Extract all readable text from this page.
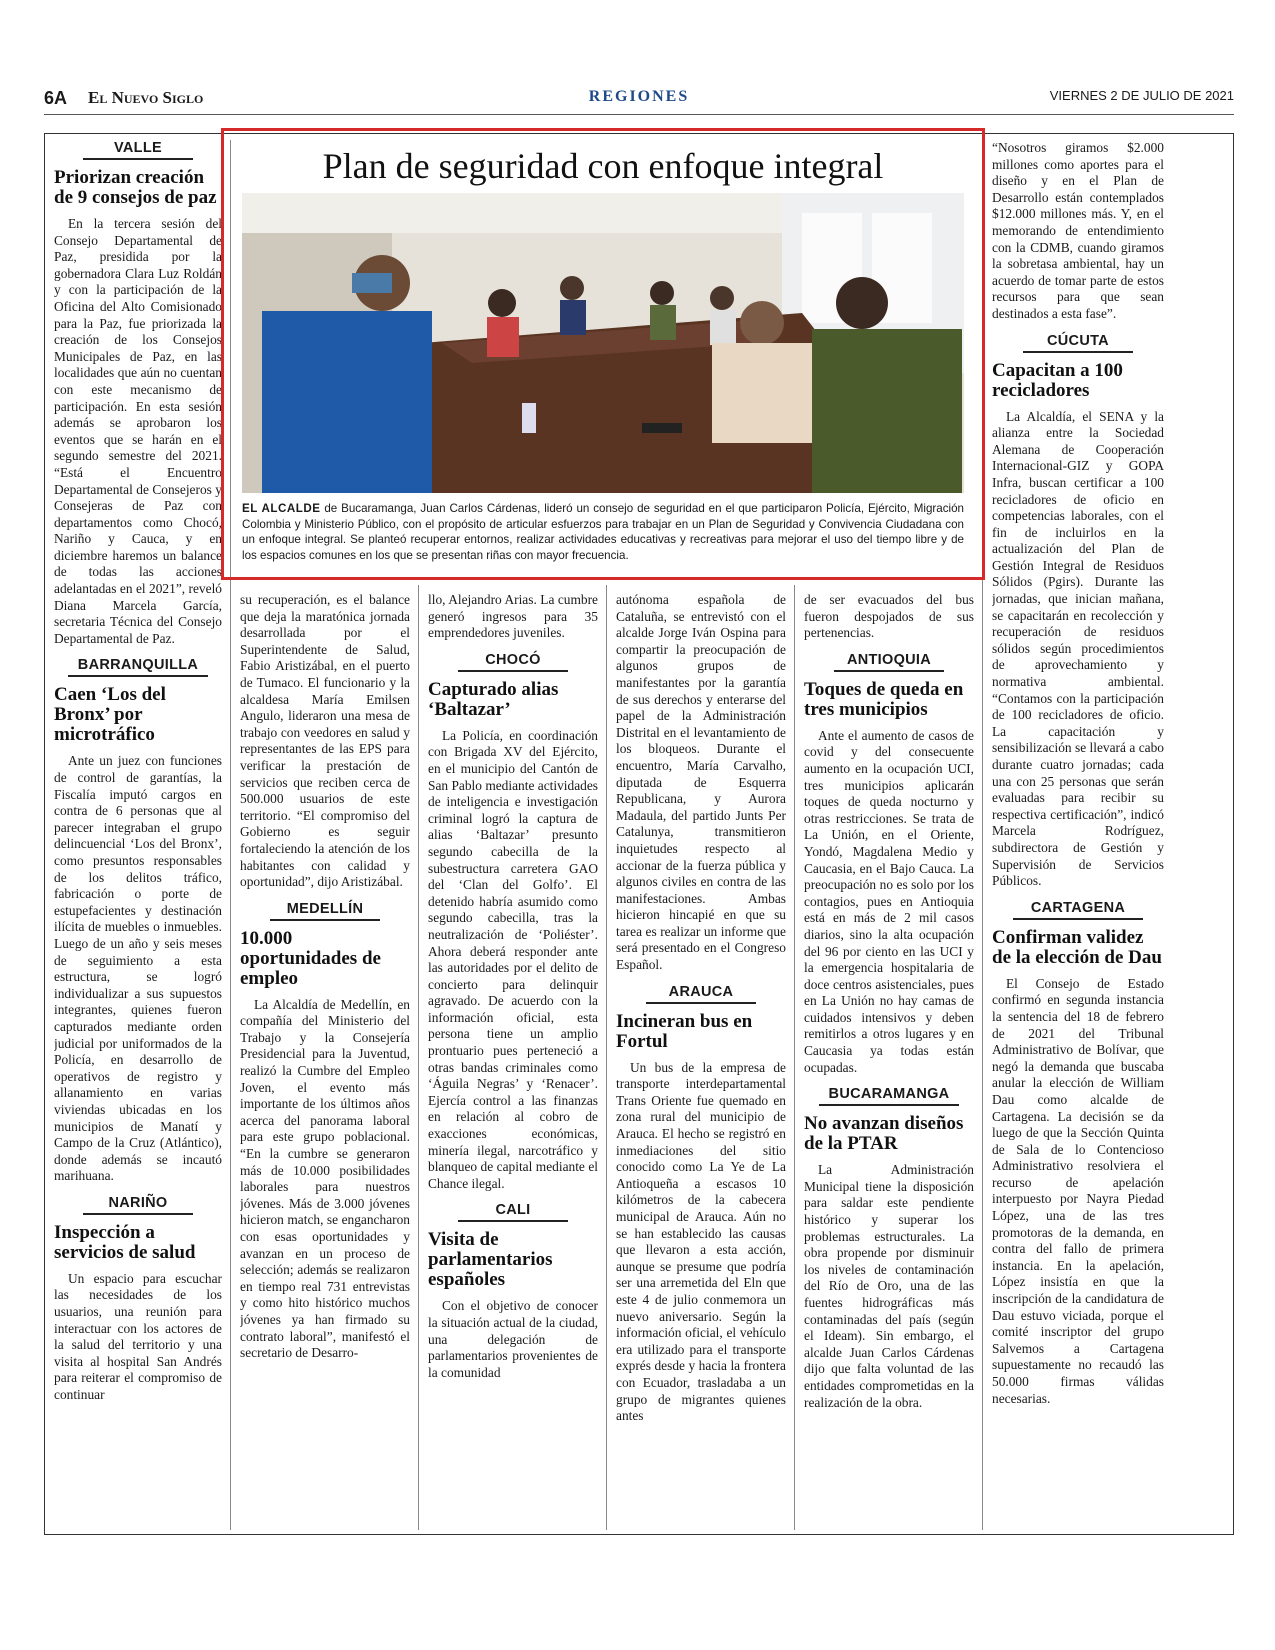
6A El Nuevo Siglo	REGIONES	VIERNES 2 DE JULIO DE 2021
VALLE
Priorizan creación de 9 consejos de paz

En la tercera sesión del Consejo Departamental de Paz, presidida por la gobernadora Clara Luz Roldán y con la participación de la Oficina del Alto Comisionado para la Paz, fue priorizada la creación de los Consejos Municipales de Paz, en las localidades que aún no cuentan con este mecanismo de participación. En esta sesión además se aprobaron los eventos que se harán en el segundo semestre del 2021. “Está el Encuentro Departamental de Consejeros y Consejeras de Paz con departamentos como Chocó, Nariño y Cauca, y en diciembre haremos un balance de todas las acciones adelantadas en el 2021”, reveló Diana Marcela García, secretaria Técnica del Consejo Departamental de Paz.

BARRANQUILLA
Caen ‘Los del Bronx’ por microtráfico

Ante un juez con funciones de control de garantías, la Fiscalía imputó cargos en contra de 6 personas que al parecer integraban el grupo delincuencial ‘Los del Bronx’, como presuntos responsables de los delitos tráfico, fabricación o porte de estupefacientes y destinación ilícita de muebles o inmuebles. Luego de un año y seis meses de seguimiento a esta estructura, se logró individualizar a sus supuestos integrantes, quienes fueron capturados mediante orden judicial por uniformados de la Policía, en desarrollo de operativos de registro y allanamiento en varias viviendas ubicadas en los municipios de Manatí y Campo de la Cruz (Atlántico), donde además se incautó marihuana.

NARIÑO
Inspección a servicios de salud

Un espacio para escuchar las necesidades de los usuarios, una reunión para interactuar con los actores de la salud del territorio y una visita al hospital San Andrés para reiterar el compromiso de continuar

Plan de seguridad con enfoque integral
EL ALCALDE de Bucaramanga, Juan Carlos Cárdenas, lideró un consejo de seguridad en el que participaron Policía, Ejército, Migración Colombia y Ministerio Público, con el propósito de articular esfuerzos para trabajar en un Plan de Seguridad y Convivencia Ciudadana con un enfoque integral. Se planteó recuperar entornos, realizar actividades educativas y recreativas para mejorar el uso del tiempo libre y de los espacios comunes en los que se presentan riñas con mayor frecuencia.

su recuperación, es el balance que deja la maratónica jornada desarrollada por el Superintendente de Salud, Fabio Aristizábal, en el puerto de Tumaco. El funcionario y la alcaldesa María Emilsen Angulo, lideraron una mesa de trabajo con veedores en salud y representantes de las EPS para verificar la prestación de servicios que reciben cerca de 500.000 usuarios de este territorio. “El compromiso del Gobierno es seguir fortaleciendo la atención de los habitantes con calidad y oportunidad”, dijo Aristizábal.

MEDELLÍN
10.000 oportunidades de empleo

La Alcaldía de Medellín, en compañía del Ministerio del Trabajo y la Consejería Presidencial para la Juventud, realizó la Cumbre del Empleo Joven, el evento más importante de los últimos años acerca del panorama laboral para este grupo poblacional. “En la cumbre se generaron más de 10.000 posibilidades laborales para nuestros jóvenes. Más de 3.000 jóvenes hicieron match, se engancharon con esas oportunidades y avanzan en un proceso de selección; además se realizaron en tiempo real 731 entrevistas y como hito histórico muchos jóvenes ya han firmado su contrato laboral”, manifestó el secretario de Desarro-

llo, Alejandro Arias. La cumbre generó ingresos para 35 emprendedores juveniles.

CHOCÓ
Capturado alias ‘Baltazar’

La Policía, en coordinación con Brigada XV del Ejército, en el municipio del Cantón de San Pablo mediante actividades de inteligencia e investigación criminal logró la captura de alias ‘Baltazar’ presunto segundo cabecilla de la subestructura carretera GAO del ‘Clan del Golfo’. El detenido habría asumido como segundo cabecilla, tras la neutralización de ‘Poliéster’. Ahora deberá responder ante las autoridades por el delito de concierto para delinquir agravado. De acuerdo con la información oficial, esta persona tiene un amplio prontuario pues perteneció a otras bandas criminales como ‘Águila Negras’ y ‘Renacer’. Ejercía control a las finanzas en relación al cobro de exacciones económicas, minería ilegal, narcotráfico y blanqueo de capital mediante el Chance ilegal.

CALI
Visita de parlamentarios españoles

Con el objetivo de conocer la situación actual de la ciudad, una delegación de parlamentarios provenientes de la comunidad

autónoma española de Cataluña, se entrevistó con el alcalde Jorge Iván Ospina para compartir la preocupación de algunos grupos de manifestantes por la garantía de sus derechos y enterarse del papel de la Administración Distrital en el levantamiento de los bloqueos. Durante el encuentro, María Carvalho, diputada de Esquerra Republicana, y Aurora Madaula, del partido Junts Per Catalunya, transmitieron inquietudes respecto al accionar de la fuerza pública y algunos civiles en contra de las manifestaciones. Ambas hicieron hincapié en que su tarea es realizar un informe que será presentado en el Congreso Español.

ARAUCA
Incineran bus en Fortul

Un bus de la empresa de transporte interdepartamental Trans Oriente fue quemado en zona rural del municipio de Arauca. El hecho se registró en inmediaciones del sitio conocido como La Ye de La Antioqueña a escasos 10 kilómetros de la cabecera municipal de Arauca. Aún no se han establecido las causas que llevaron a esta acción, aunque se presume que podría ser una arremetida del Eln que este 4 de julio conmemora un nuevo aniversario. Según la información oficial, el vehículo era utilizado para el transporte exprés desde y hacia la frontera con Ecuador, trasladaba a un grupo de migrantes quienes antes

de ser evacuados del bus fueron despojados de sus pertenencias.

ANTIOQUIA
Toques de queda en tres municipios

Ante el aumento de casos de covid y del consecuente aumento en la ocupación UCI, tres municipios aplicarán toques de queda nocturno y otras restricciones. Se trata de La Unión, en el Oriente, Yondó, Magdalena Medio y Caucasia, en el Bajo Cauca. La preocupación no es solo por los contagios, pues en Antioquia está en más de 2 mil casos diarios, sino la alta ocupación del 96 por ciento en las UCI y la emergencia hospitalaria de doce centros asistenciales, pues en La Unión no hay camas de cuidados intensivos y deben remitirlos a otros lugares y en Caucasia ya todas están ocupadas.

BUCARAMANGA
No avanzan diseños de la PTAR

La Administración Municipal tiene la disposición para saldar este pendiente histórico y superar los problemas estructurales. La obra propende por disminuir los niveles de contaminación del Río de Oro, una de las fuentes hidrográficas más contaminadas del país (según el Ideam). Sin embargo, el alcalde Juan Carlos Cárdenas dijo que falta voluntad de las entidades comprometidas en la realización de la obra.

“Nosotros giramos $2.000 millones como aportes para el diseño y en el Plan de Desarrollo están contemplados $12.000 millones más. Y, en el memorando de entendimiento con la CDMB, cuando giramos la sobretasa ambiental, hay un acuerdo de tomar parte de estos recursos para que sean destinados a esta fase”.

CÚCUTA
Capacitan a 100 recicladores

La Alcaldía, el SENA y la alianza entre la Sociedad Alemana de Cooperación Internacional-GIZ y GOPA Infra, buscan certificar a 100 recicladores de oficio en competencias laborales, con el fin de incluirlos en la actualización del Plan de Gestión Integral de Residuos Sólidos (Pgirs). Durante las jornadas, que inician mañana, se capacitarán en recolección y recuperación de residuos sólidos según procedimientos de aprovechamiento y normativa ambiental. “Contamos con la participación de 100 recicladores de oficio. La capacitación y sensibilización se llevará a cabo durante cuatro jornadas; cada una con 25 personas que serán evaluadas para recibir su respectiva certificación”, indicó Marcela Rodríguez, subdirectora de Gestión y Supervisión de Servicios Públicos.

CARTAGENA
Confirman validez de la elección de Dau

El Consejo de Estado confirmó en segunda instancia la sentencia del 18 de febrero de 2021 del Tribunal Administrativo de Bolívar, que negó la demanda que buscaba anular la elección de William Dau como alcalde de Cartagena. La decisión se da luego de que la Sección Quinta de Sala de lo Contencioso Administrativo resolviera el recurso de apelación interpuesto por Nayra Piedad López, una de las tres promotoras de la demanda, en contra del fallo de primera instancia. En la apelación, López insistía en que la inscripción de la candidatura de Dau estuvo viciada, porque el comité inscriptor del grupo Salvemos a Cartagena supuestamente no recaudó las 50.000 firmas válidas necesarias.
